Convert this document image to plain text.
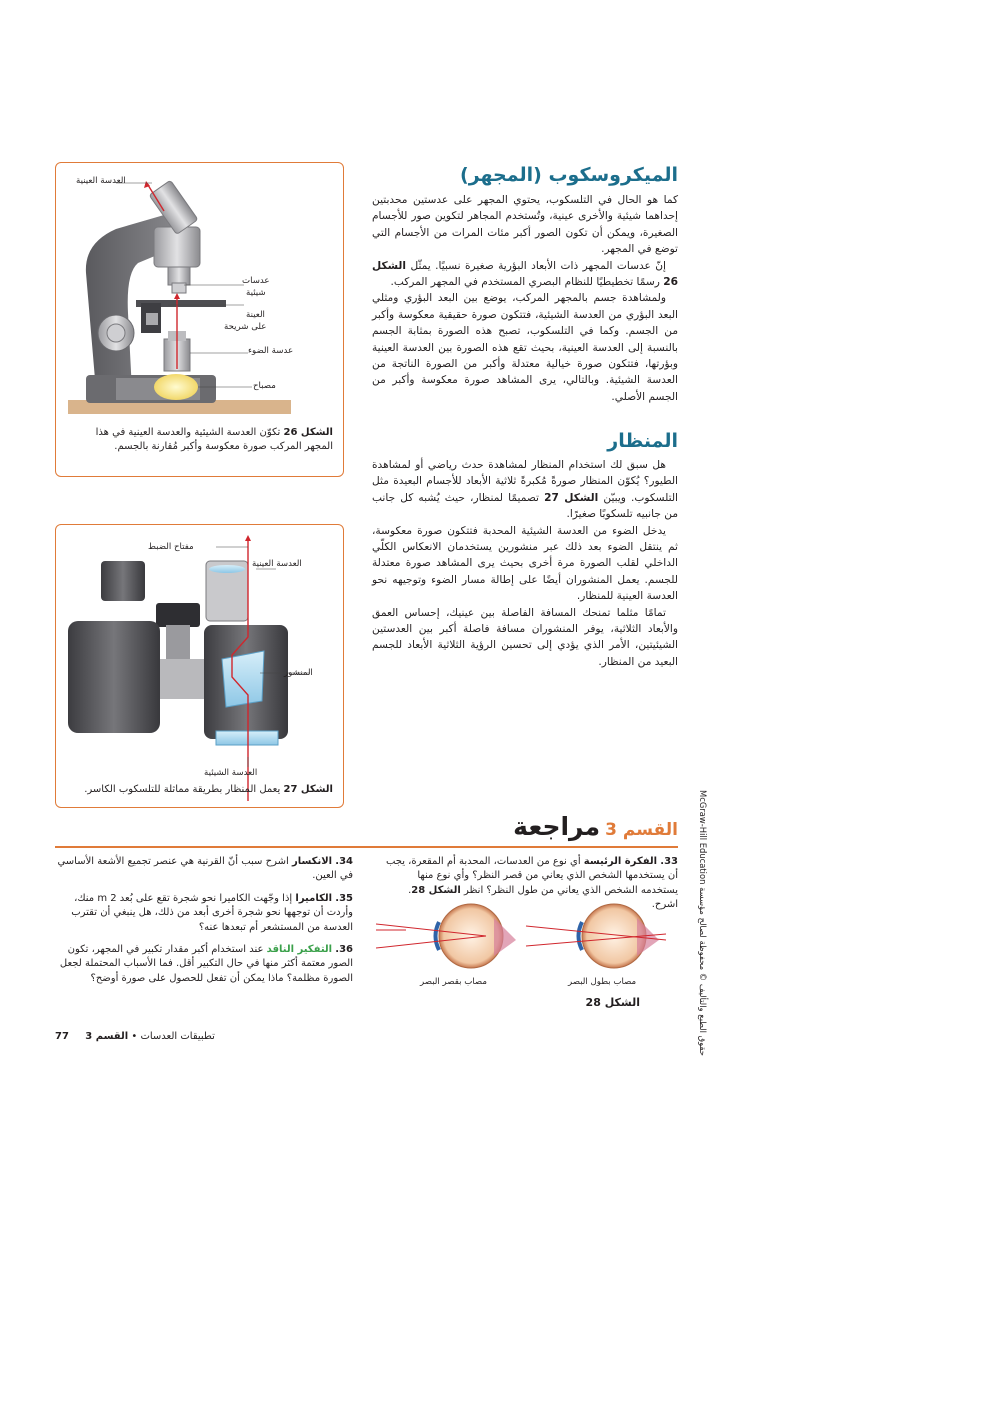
الميكروسكوب (المجهر)

كما هو الحال في التلسكوب، يحتوي المجهر على عدستين محدبتين إحداهما شيئية والأخرى عينية، وتُستخدم المجاهر لتكوين صور للأجسام الصغيرة، ويمكن أن تكون الصور أكبر مئات المرات من الأجسام التي توضع في المجهر.

إنّ عدسات المجهر ذات الأبعاد البؤرية صغيرة نسبيًا. يمثّل الشكل 26 رسمًا تخطيطيًا للنظام البصري المستخدم في المجهر المركب.

ولمشاهدة جسم بالمجهر المركب، يوضع بين البعد البؤري ومثلي البعد البؤري من العدسة الشيئية، فتتكون صورة حقيقية معكوسة وأكبر من الجسم. وكما في التلسكوب، تصبح هذه الصورة بمثابة الجسم بالنسبة إلى العدسة العينية، بحيث تقع هذه الصورة بين العدسة العينية وبؤرتها، فتتكون صورة خيالية معتدلة وأكبر من الصورة الناتجة من العدسة الشيئية. وبالتالي، يرى المشاهد صورة معكوسة وأكبر من الجسم الأصلي.

المنظار

هل سبق لك استخدام المنظار لمشاهدة حدث رياضي أو لمشاهدة الطيور؟ يُكوّن المنظار صورةً مُكبرةً ثلاثية الأبعاد للأجسام البعيدة مثل التلسكوب. ويبيّن الشكل 27 تصميمًا لمنظار، حيث يُشبه كل جانب من جانبيه تلسكوبًا صغيرًا.

يدخل الضوء من العدسة الشيئية المحدبة فتتكون صورة معكوسة، ثم ينتقل الضوء بعد ذلك عبر منشورين يستخدمان الانعكاس الكلّي الداخلي لقلب الصورة مرة أخرى بحيث يرى المشاهد صورة معتدلة للجسم. يعمل المنشوران أيضًا على إطالة مسار الضوء وتوجيهه نحو العدسة العينية للمنظار.

تمامًا مثلما تمنحك المسافة الفاصلة بين عينيك، إحساس العمق والأبعاد الثلاثية، يوفر المنشوران مسافة فاصلة أكبر بين العدستين الشيئيتين، الأمر الذي يؤدي إلى تحسين الرؤية الثلاثية الأبعاد للجسم البعيد من المنظار.

العدسة العينية
عدسات
شيئية
العينة
على شريحة
عدسة الضوء
مصباح
الشكل 26 تكوّن العدسة الشيئية والعدسة العينية في هذا المجهر المركب صورة معكوسة وأكبر مُقارنة بالجسم.
مفتاح الضبط
العدسة العينية
المنشور
العدسة الشيئية
الشكل 27 يعمل المنظار بطريقة مماثلة للتلسكوب الكاسر.
القسم 3 مراجعة

33. الفكرة الرئيسة أي نوع من العدسات، المحدبة أم المقعرة، يجب أن يستخدمها الشخص الذي يعاني من قصر النظر؟ وأي نوع منها يستخدمه الشخص الذي يعاني من طول النظر؟ انظر الشكل 28. اشرح.

مصاب بقصر البصر	مصاب بطول البصر
الشكل 28

34. الانكسار اشرح سبب أنّ القرنية هي عنصر تجميع الأشعة الأساسي في العين.

35. الكاميرا إذا وجّهت الكاميرا نحو شجرة تقع على بُعد 2 m منك، وأردت أن توجهها نحو شجرة أخرى أبعد من ذلك، هل ينبغي أن تقترب العدسة من المستشعر أم تبعدها عنه؟

36. التفكير الناقد عند استخدام أكبر مقدار تكبير في المجهر، تكون الصور معتمة أكثر منها في حال التكبير أقل. فما الأسباب المحتملة لجعل الصورة مظلمة؟ ماذا يمكن أن تفعل للحصول على صورة أوضح؟

77	تطبيقات العدسات • القسم 3
McGraw-Hill Education حقوق الطبع والتأليف © محفوظة لصالح مؤسسة
